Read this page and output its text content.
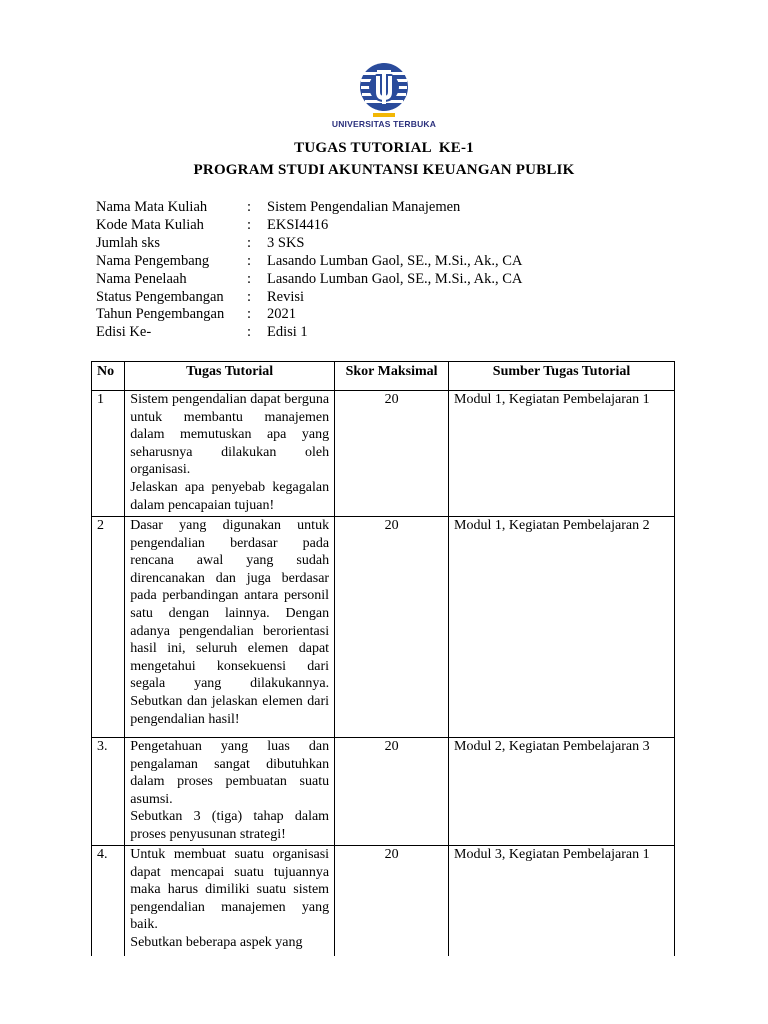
UNIVERSITAS TERBUKA
TUGAS TUTORIAL  KE-1
PROGRAM STUDI AKUNTANSI KEUANGAN PUBLIK
Nama Mata Kuliah	:	Sistem Pengendalian Manajemen
Kode Mata Kuliah	:	EKSI4416
Jumlah sks	:	3 SKS
Nama Pengembang	:	Lasando Lumban Gaol, SE., M.Si., Ak., CA
Nama Penelaah	:	Lasando Lumban Gaol, SE., M.Si., Ak., CA
Status Pengembangan	:	Revisi
Tahun Pengembangan	:	2021
Edisi Ke-	:	Edisi 1
No	Tugas Tutorial	Skor Maksimal	Sumber Tugas Tutorial
1	Sistem pengendalian dapat berguna untuk membantu manajemen dalam memutuskan apa yang seharusnya dilakukan oleh organisasi.

Jelaskan apa penyebab kegagalan dalam pencapaian tujuan!	20	Modul 1, Kegiatan Pembelajaran 1
2	Dasar yang digunakan untuk pengendalian berdasar pada rencana awal yang sudah direncanakan dan juga berdasar pada perbandingan antara personil satu dengan lainnya. Dengan adanya pengendalian berorientasi hasil ini, seluruh elemen dapat mengetahui konsekuensi dari segala yang dilakukannya. Sebutkan dan jelaskan elemen dari pengendalian hasil!	20	Modul 1, Kegiatan Pembelajaran 2
3.	Pengetahuan yang luas dan pengalaman sangat dibutuhkan dalam proses pembuatan suatu asumsi.

Sebutkan 3 (tiga) tahap dalam proses penyusunan strategi!	20	Modul 2, Kegiatan Pembelajaran 3
4.	Untuk membuat suatu organisasi dapat mencapai suatu tujuannya maka harus dimiliki suatu sistem pengendalian manajemen yang baik.

Sebutkan beberapa aspek yang	20	Modul 3, Kegiatan Pembelajaran 1
